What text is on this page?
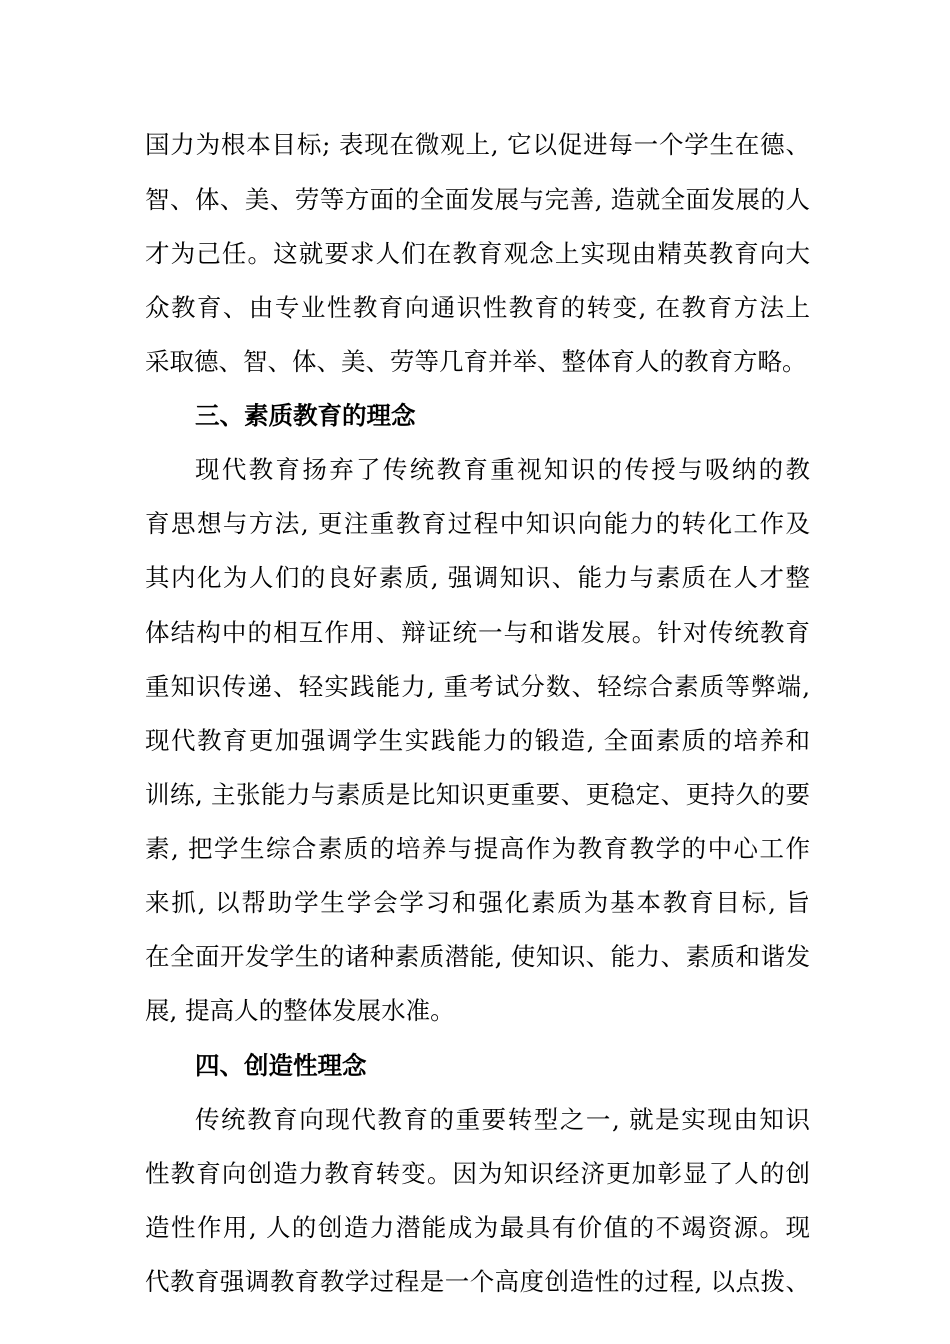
国力为根本目标; 表现在微观上, 它以促进每一个学生在德、
智、体、美、劳等方面的全面发展与完善, 造就全面发展的人
才为己任。这就要求人们在教育观念上实现由精英教育向大
众教育、由专业性教育向通识性教育的转变, 在教育方法上
采取德、智、体、美、劳等几育并举、整体育人的教育方略。
三、素质教育的理念
现代教育扬弃了传统教育重视知识的传授与吸纳的教
育思想与方法, 更注重教育过程中知识向能力的转化工作及
其内化为人们的良好素质, 强调知识、能力与素质在人才整
体结构中的相互作用、辩证统一与和谐发展。针对传统教育
重知识传递、轻实践能力, 重考试分数、轻综合素质等弊端,
现代教育更加强调学生实践能力的锻造, 全面素质的培养和
训练, 主张能力与素质是比知识更重要、更稳定、更持久的要
素, 把学生综合素质的培养与提高作为教育教学的中心工作
来抓, 以帮助学生学会学习和强化素质为基本教育目标, 旨
在全面开发学生的诸种素质潜能, 使知识、能力、素质和谐发
展, 提高人的整体发展水准。
四、创造性理念
传统教育向现代教育的重要转型之一, 就是实现由知识
性教育向创造力教育转变。因为知识经济更加彰显了人的创
造性作用, 人的创造力潜能成为最具有价值的不竭资源。现
代教育强调教育教学过程是一个高度创造性的过程, 以点拨、
